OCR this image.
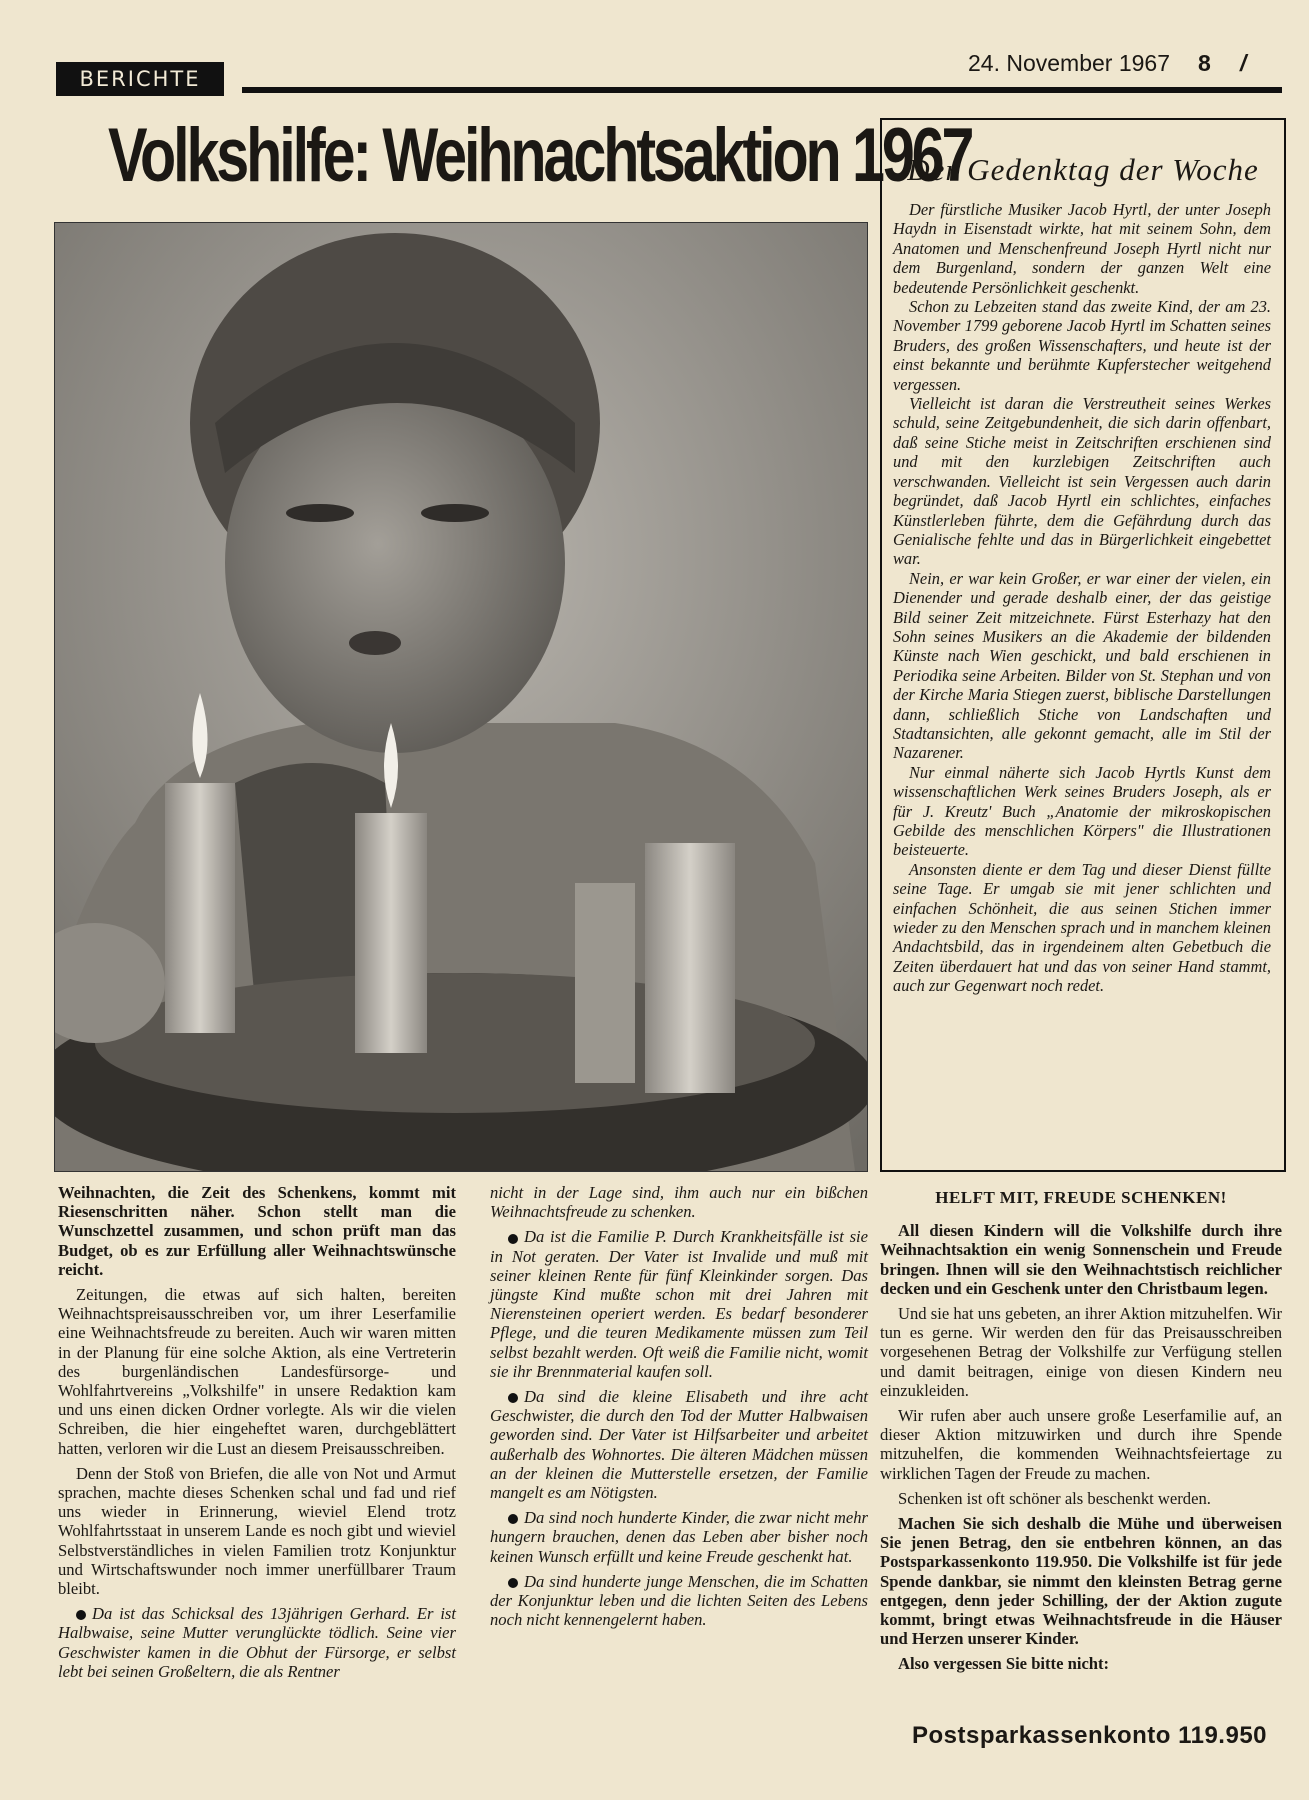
BERICHTE
24. November 1967	/
8
Volkshilfe: Weihnachtsaktion 1967
Der Gedenktag der Woche

Der fürstliche Musiker Jacob Hyrtl, der unter Joseph Haydn in Eisenstadt wirkte, hat mit seinem Sohn, dem Anatomen und Menschenfreund Joseph Hyrtl nicht nur dem Burgenland, sondern der ganzen Welt eine bedeutende Persönlichkeit geschenkt.

Schon zu Lebzeiten stand das zweite Kind, der am 23. November 1799 geborene Jacob Hyrtl im Schatten seines Bruders, des großen Wissenschafters, und heute ist der einst bekannte und berühmte Kupferstecher weitgehend vergessen.

Vielleicht ist daran die Verstreutheit seines Werkes schuld, seine Zeitgebundenheit, die sich darin offenbart, daß seine Stiche meist in Zeitschriften erschienen sind und mit den kurzlebigen Zeitschriften auch verschwanden. Vielleicht ist sein Vergessen auch darin begründet, daß Jacob Hyrtl ein schlichtes, einfaches Künstlerleben führte, dem die Gefährdung durch das Genialische fehlte und das in Bürgerlichkeit eingebettet war.

Nein, er war kein Großer, er war einer der vielen, ein Dienender und gerade deshalb einer, der das geistige Bild seiner Zeit mitzeichnete. Fürst Esterhazy hat den Sohn seines Musikers an die Akademie der bildenden Künste nach Wien geschickt, und bald erschienen in Periodika seine Arbeiten. Bilder von St. Stephan und von der Kirche Maria Stiegen zuerst, biblische Darstellungen dann, schließlich Stiche von Landschaften und Stadtansichten, alle gekonnt gemacht, alle im Stil der Nazarener.

Nur einmal näherte sich Jacob Hyrtls Kunst dem wissenschaftlichen Werk seines Bruders Joseph, als er für J. Kreutz' Buch „Anatomie der mikroskopischen Gebilde des menschlichen Körpers" die Illustrationen beisteuerte.

Ansonsten diente er dem Tag und dieser Dienst füllte seine Tage. Er umgab sie mit jener schlichten und einfachen Schönheit, die aus seinen Stichen immer wieder zu den Menschen sprach und in manchem kleinen Andachtsbild, das in irgendeinem alten Gebetbuch die Zeiten überdauert hat und das von seiner Hand stammt, auch zur Gegenwart noch redet.

Weihnachten, die Zeit des Schenkens, kommt mit Riesenschritten näher. Schon stellt man die Wunschzettel zusammen, und schon prüft man das Budget, ob es zur Erfüllung aller Weihnachtswünsche reicht.

Zeitungen, die etwas auf sich halten, bereiten Weihnachtspreisausschreiben vor, um ihrer Leserfamilie eine Weihnachtsfreude zu bereiten. Auch wir waren mitten in der Planung für eine solche Aktion, als eine Vertreterin des burgenländischen Landesfürsorge- und Wohlfahrtvereins „Volkshilfe" in unsere Redaktion kam und uns einen dicken Ordner vorlegte. Als wir die vielen Schreiben, die hier eingeheftet waren, durchgeblättert hatten, verloren wir die Lust an diesem Preisausschreiben.

Denn der Stoß von Briefen, die alle von Not und Armut sprachen, machte dieses Schenken schal und fad und rief uns wieder in Erinnerung, wieviel Elend trotz Wohlfahrtsstaat in unserem Lande es noch gibt und wieviel Selbstverständliches in vielen Familien trotz Konjunktur und Wirtschaftswunder noch immer unerfüllbarer Traum bleibt.

Da ist das Schicksal des 13jährigen Gerhard. Er ist Halbwaise, seine Mutter verunglückte tödlich. Seine vier Geschwister kamen in die Obhut der Fürsorge, er selbst lebt bei seinen Großeltern, die als Rentner

nicht in der Lage sind, ihm auch nur ein bißchen Weihnachtsfreude zu schenken.

Da ist die Familie P. Durch Krankheitsfälle ist sie in Not geraten. Der Vater ist Invalide und muß mit seiner kleinen Rente für fünf Kleinkinder sorgen. Das jüngste Kind mußte schon mit drei Jahren mit Nierensteinen operiert werden. Es bedarf besonderer Pflege, und die teuren Medikamente müssen zum Teil selbst bezahlt werden. Oft weiß die Familie nicht, womit sie ihr Brennmaterial kaufen soll.

Da sind die kleine Elisabeth und ihre acht Geschwister, die durch den Tod der Mutter Halbwaisen geworden sind. Der Vater ist Hilfsarbeiter und arbeitet außerhalb des Wohnortes. Die älteren Mädchen müssen an der kleinen die Mutterstelle ersetzen, der Familie mangelt es am Nötigsten.

Da sind noch hunderte Kinder, die zwar nicht mehr hungern brauchen, denen das Leben aber bisher noch keinen Wunsch erfüllt und keine Freude geschenkt hat.

Da sind hunderte junge Menschen, die im Schatten der Konjunktur leben und die lichten Seiten des Lebens noch nicht kennengelernt haben.

HELFT MIT, FREUDE SCHENKEN!

All diesen Kindern will die Volkshilfe durch ihre Weihnachtsaktion ein wenig Sonnenschein und Freude bringen. Ihnen will sie den Weihnachtstisch reichlicher decken und ein Geschenk unter den Christbaum legen.

Und sie hat uns gebeten, an ihrer Aktion mitzuhelfen. Wir tun es gerne. Wir werden den für das Preisausschreiben vorgesehenen Betrag der Volkshilfe zur Verfügung stellen und damit beitragen, einige von diesen Kindern neu einzukleiden.

Wir rufen aber auch unsere große Leserfamilie auf, an dieser Aktion mitzuwirken und durch ihre Spende mitzuhelfen, die kommenden Weihnachtsfeiertage zu wirklichen Tagen der Freude zu machen.

Schenken ist oft schöner als beschenkt werden.

Machen Sie sich deshalb die Mühe und überweisen Sie jenen Betrag, den sie entbehren können, an das Postsparkassenkonto 119.950. Die Volkshilfe ist für jede Spende dankbar, sie nimmt den kleinsten Betrag gerne entgegen, denn jeder Schilling, der der Aktion zugute kommt, bringt etwas Weihnachtsfreude in die Häuser und Herzen unserer Kinder.

Also vergessen Sie bitte nicht:

Postsparkassenkonto 119.950
